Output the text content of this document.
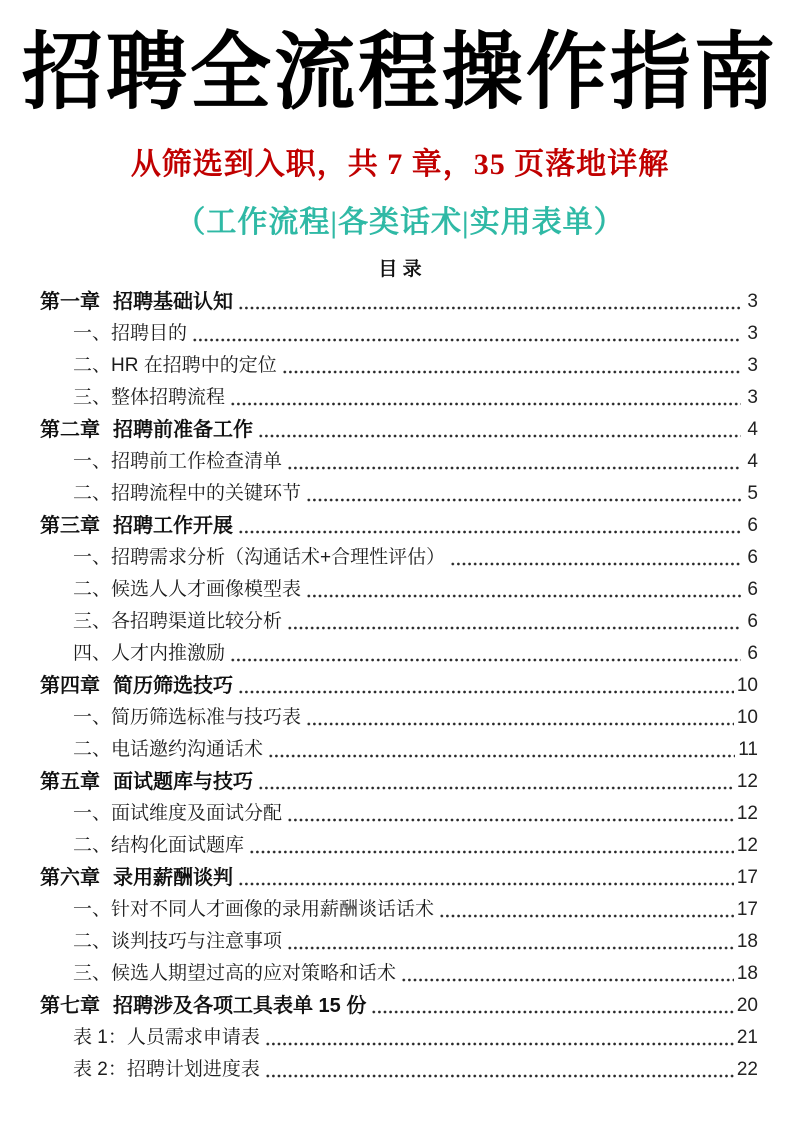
招聘全流程操作指南
从筛选到入职，共 7 章，35 页落地详解
（工作流程|各类话术|实用表单）
目 录
第一章 招聘基础认知	3
一、 招聘目的	3
二、 HR 在招聘中的定位	3
三、 整体招聘流程	3
第二章 招聘前准备工作	4
一、 招聘前工作检查清单	4
二、 招聘流程中的关键环节	5
第三章 招聘工作开展	6
一、 招聘需求分析（沟通话术+合理性评估）	6
二、 候选人人才画像模型表	6
三、 各招聘渠道比较分析	6
四、 人才内推激励	6
第四章 简历筛选技巧	10
一、 简历筛选标准与技巧表	10
二、 电话邀约沟通话术	11
第五章 面试题库与技巧	12
一、 面试维度及面试分配	12
二、 结构化面试题库	12
第六章 录用薪酬谈判	17
一、 针对不同人才画像的录用薪酬谈话话术	17
二、 谈判技巧与注意事项	18
三、 候选人期望过高的应对策略和话术	18
第七章 招聘涉及各项工具表单 15 份	20
表 1： 人员需求申请表	21
表 2： 招聘计划进度表	22
